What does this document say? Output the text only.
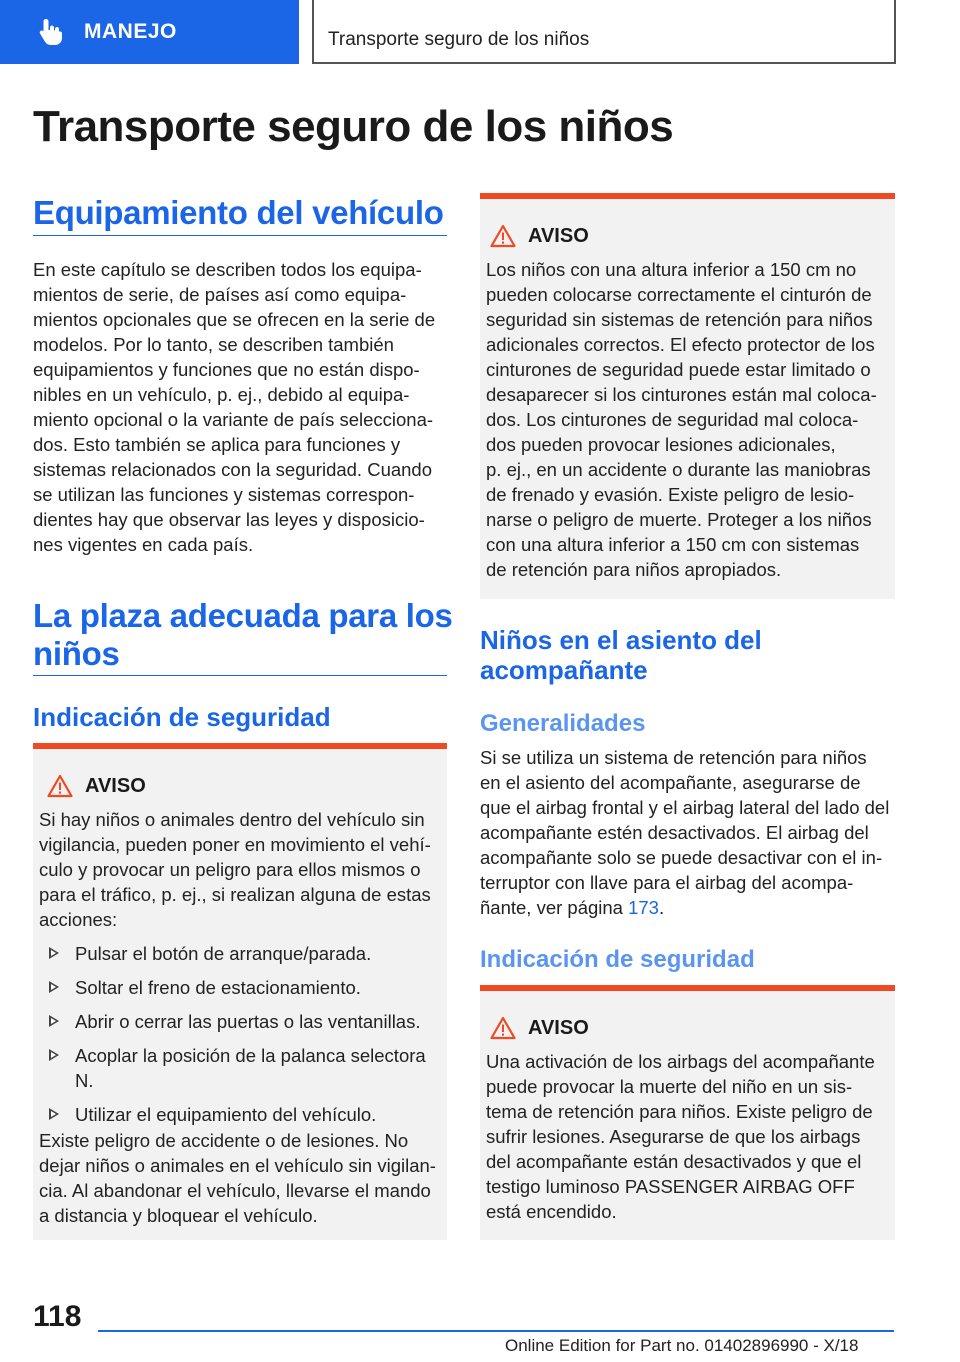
MANEJO	Transporte seguro de los niños
Transporte seguro de los niños
Equipamiento del vehículo
En este capítulo se describen todos los equipa-
mientos de serie, de países así como equipa-
mientos opcionales que se ofrecen en la serie de
modelos. Por lo tanto, se describen también
equipamientos y funciones que no están dispo-
nibles en un vehículo, p. ej., debido al equipa-
miento opcional o la variante de país selecciona-
dos. Esto también se aplica para funciones y
sistemas relacionados con la seguridad. Cuando
se utilizan las funciones y sistemas correspon-
dientes hay que observar las leyes y disposicio-
nes vigentes en cada país.
La plaza adecuada para los
niños
Indicación de seguridad
AVISO
Si hay niños o animales dentro del vehículo sin
vigilancia, pueden poner en movimiento el vehí-
culo y provocar un peligro para ellos mismos o
para el tráfico, p. ej., si realizan alguna de estas
acciones:
Pulsar el botón de arranque/parada.
Soltar el freno de estacionamiento.
Abrir o cerrar las puertas o las ventanillas.
Acoplar la posición de la palanca selectora N.
Utilizar el equipamiento del vehículo.
Existe peligro de accidente o de lesiones. No
dejar niños o animales en el vehículo sin vigilan-
cia. Al abandonar el vehículo, llevarse el mando
a distancia y bloquear el vehículo.
AVISO
Los niños con una altura inferior a 150 cm no
pueden colocarse correctamente el cinturón de
seguridad sin sistemas de retención para niños
adicionales correctos. El efecto protector de los
cinturones de seguridad puede estar limitado o
desaparecer si los cinturones están mal coloca-
dos. Los cinturones de seguridad mal coloca-
dos pueden provocar lesiones adicionales,
p. ej., en un accidente o durante las maniobras
de frenado y evasión. Existe peligro de lesio-
narse o peligro de muerte. Proteger a los niños
con una altura inferior a 150 cm con sistemas
de retención para niños apropiados.
Niños en el asiento del
acompañante
Generalidades
Si se utiliza un sistema de retención para niños
en el asiento del acompañante, asegurarse de
que el airbag frontal y el airbag lateral del lado del
acompañante estén desactivados. El airbag del
acompañante solo se puede desactivar con el in-
terruptor con llave para el airbag del acompa-
ñante, ver página 173.
Indicación de seguridad
AVISO
Una activación de los airbags del acompañante
puede provocar la muerte del niño en un sis-
tema de retención para niños. Existe peligro de
sufrir lesiones. Asegurarse de que los airbags
del acompañante están desactivados y que el
testigo luminoso PASSENGER AIRBAG OFF
está encendido.
118
Online Edition for Part no. 01402896990 - X/18
